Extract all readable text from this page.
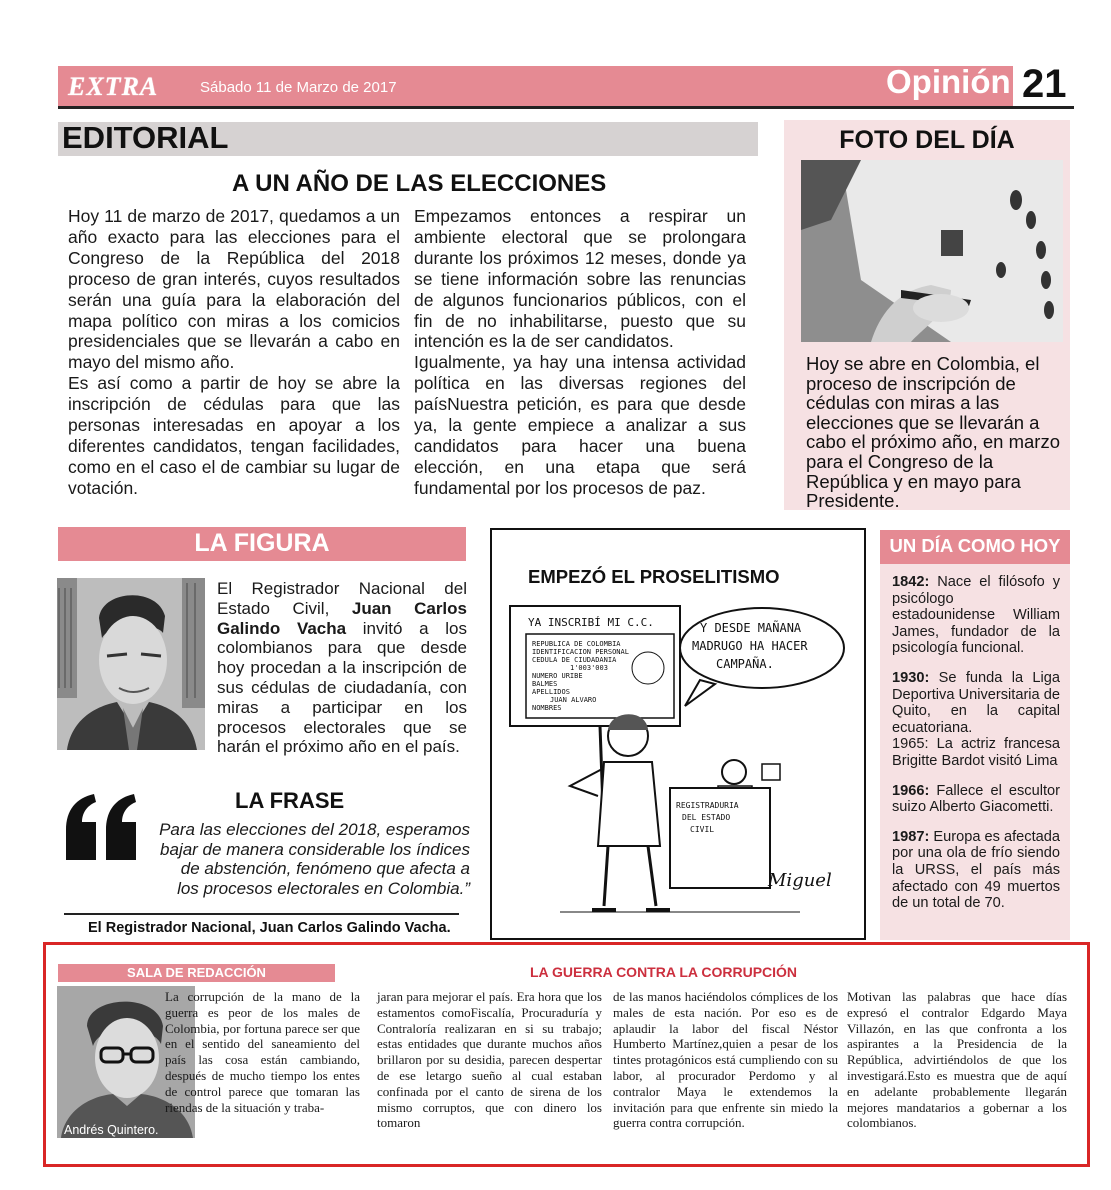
EXTRA	Sábado 11 de Marzo de 2017	Opinión 21
EDITORIAL
A UN AÑO DE LAS ELECCIONES

Hoy 11 de marzo de 2017, quedamos a un año exacto para las elecciones para el Congreso de la República del 2018 proceso de gran interés, cuyos resultados serán una guía para la elaboración del mapa político con miras a los comicios presidenciales que se llevarán a cabo en mayo del mismo año.

Es así como a partir de hoy se abre la inscripción de cédulas para que las personas interesadas en apoyar a los diferentes candidatos, tengan facilidades, como en el caso el de cambiar su lugar de votación.

Empezamos entonces a respirar un ambiente electoral que se prolongara durante los próximos 12 meses, donde ya se tiene información sobre las renuncias de algunos funcionarios públicos, con el fin de no inhabilitarse, puesto que su intención es la de ser candidatos.

Igualmente, ya hay una intensa actividad política en las diversas regiones del paísNuestra petición, es para que desde ya, la gente empiece a analizar a sus candidatos para hacer una buena elección, en una etapa que será fundamental por los procesos de paz.

FOTO DEL DÍA
Hoy se abre en Colombia, el proceso de inscripción de cédulas con miras a las elecciones que se llevarán a cabo el próximo año, en marzo para el Congreso de la República y en mayo para Presidente.
LA FIGURA
El Registrador Nacional del Estado Civil, Juan Carlos Galindo Vacha invitó a los colombianos para que desde hoy procedan a la inscripción de sus cédulas de ciudadanía, con miras a participar en los procesos electorales que se harán el próximo año en el país.
LA FRASE
Para las elecciones del 2018, esperamos bajar de manera considerable los índices de abstención, fenómeno que afecta a los procesos electorales en Colombia.”
El Registrador Nacional, Juan Carlos Galindo Vacha.
EMPEZÓ EL PROSELITISMO
YA INSCRIBÍ MI C.C.
REPUBLICA DE COLOMBIA
IDENTIFICACION PERSONAL
CEDULA DE CIUDADANIA
1'003'003
NUMERO URIBE
BALMES
APELLIDOS
JUAN ALVARO
NOMBRES
Y DESDE MAÑANA
MADRUGO HA HACER
CAMPAÑA.
REGISTRADURIA
DEL ESTADO
CIVIL
Miguel
UN DÍA COMO HOY

1842: Nace el filósofo y psicólogo estadounidense William James, fundador de la psicología funcional.

1930: Se funda la Liga Deportiva Universitaria de Quito, en la capital ecuatoriana.
1965: La actriz francesa Brigitte Bardot visitó Lima

1966: Fallece el escultor suizo Alberto Giacometti.

1987: Europa es afectada por una ola de frío siendo la URSS, el país más afectado con 49 muertos de un total de 70.

SALA DE REDACCIÓN	LA GUERRA CONTRA LA CORRUPCIÓN
Andrés Quintero.
La corrupción de la mano de la guerra es peor de los males de Colombia, por fortuna parece ser que en el sentido del saneamiento del país las cosa están cambiando, después de mucho tiempo los entes de control parece que tomaran las riendas de la situación y traba-
jaran para mejorar el país. Era hora que los estamentos comoFiscalía, Procuraduría y Contraloría realizaran en si su trabajo; estas entidades que durante muchos años brillaron por su desidia, parecen despertar de ese letargo sueño al cual estaban confinada por el canto de sirena de los mismo corruptos, que con dinero los tomaron
de las manos haciéndolos cómplices de los males de esta nación. Por eso es de aplaudir la labor del fiscal Néstor Humberto Martínez,quien a pesar de los tintes protagónicos está cumpliendo con su labor, al procurador Perdomo y al contralor Maya le extendemos la invitación para que enfrente sin miedo la guerra contra corrupción.
Motivan las palabras que hace días expresó el contralor Edgardo Maya Villazón, en las que confronta a los aspirantes a la Presidencia de la República, advirtiéndolos de que los investigará.Esto es muestra que de aquí en adelante probablemente llegarán mejores mandatarios a gobernar a los colombianos.
